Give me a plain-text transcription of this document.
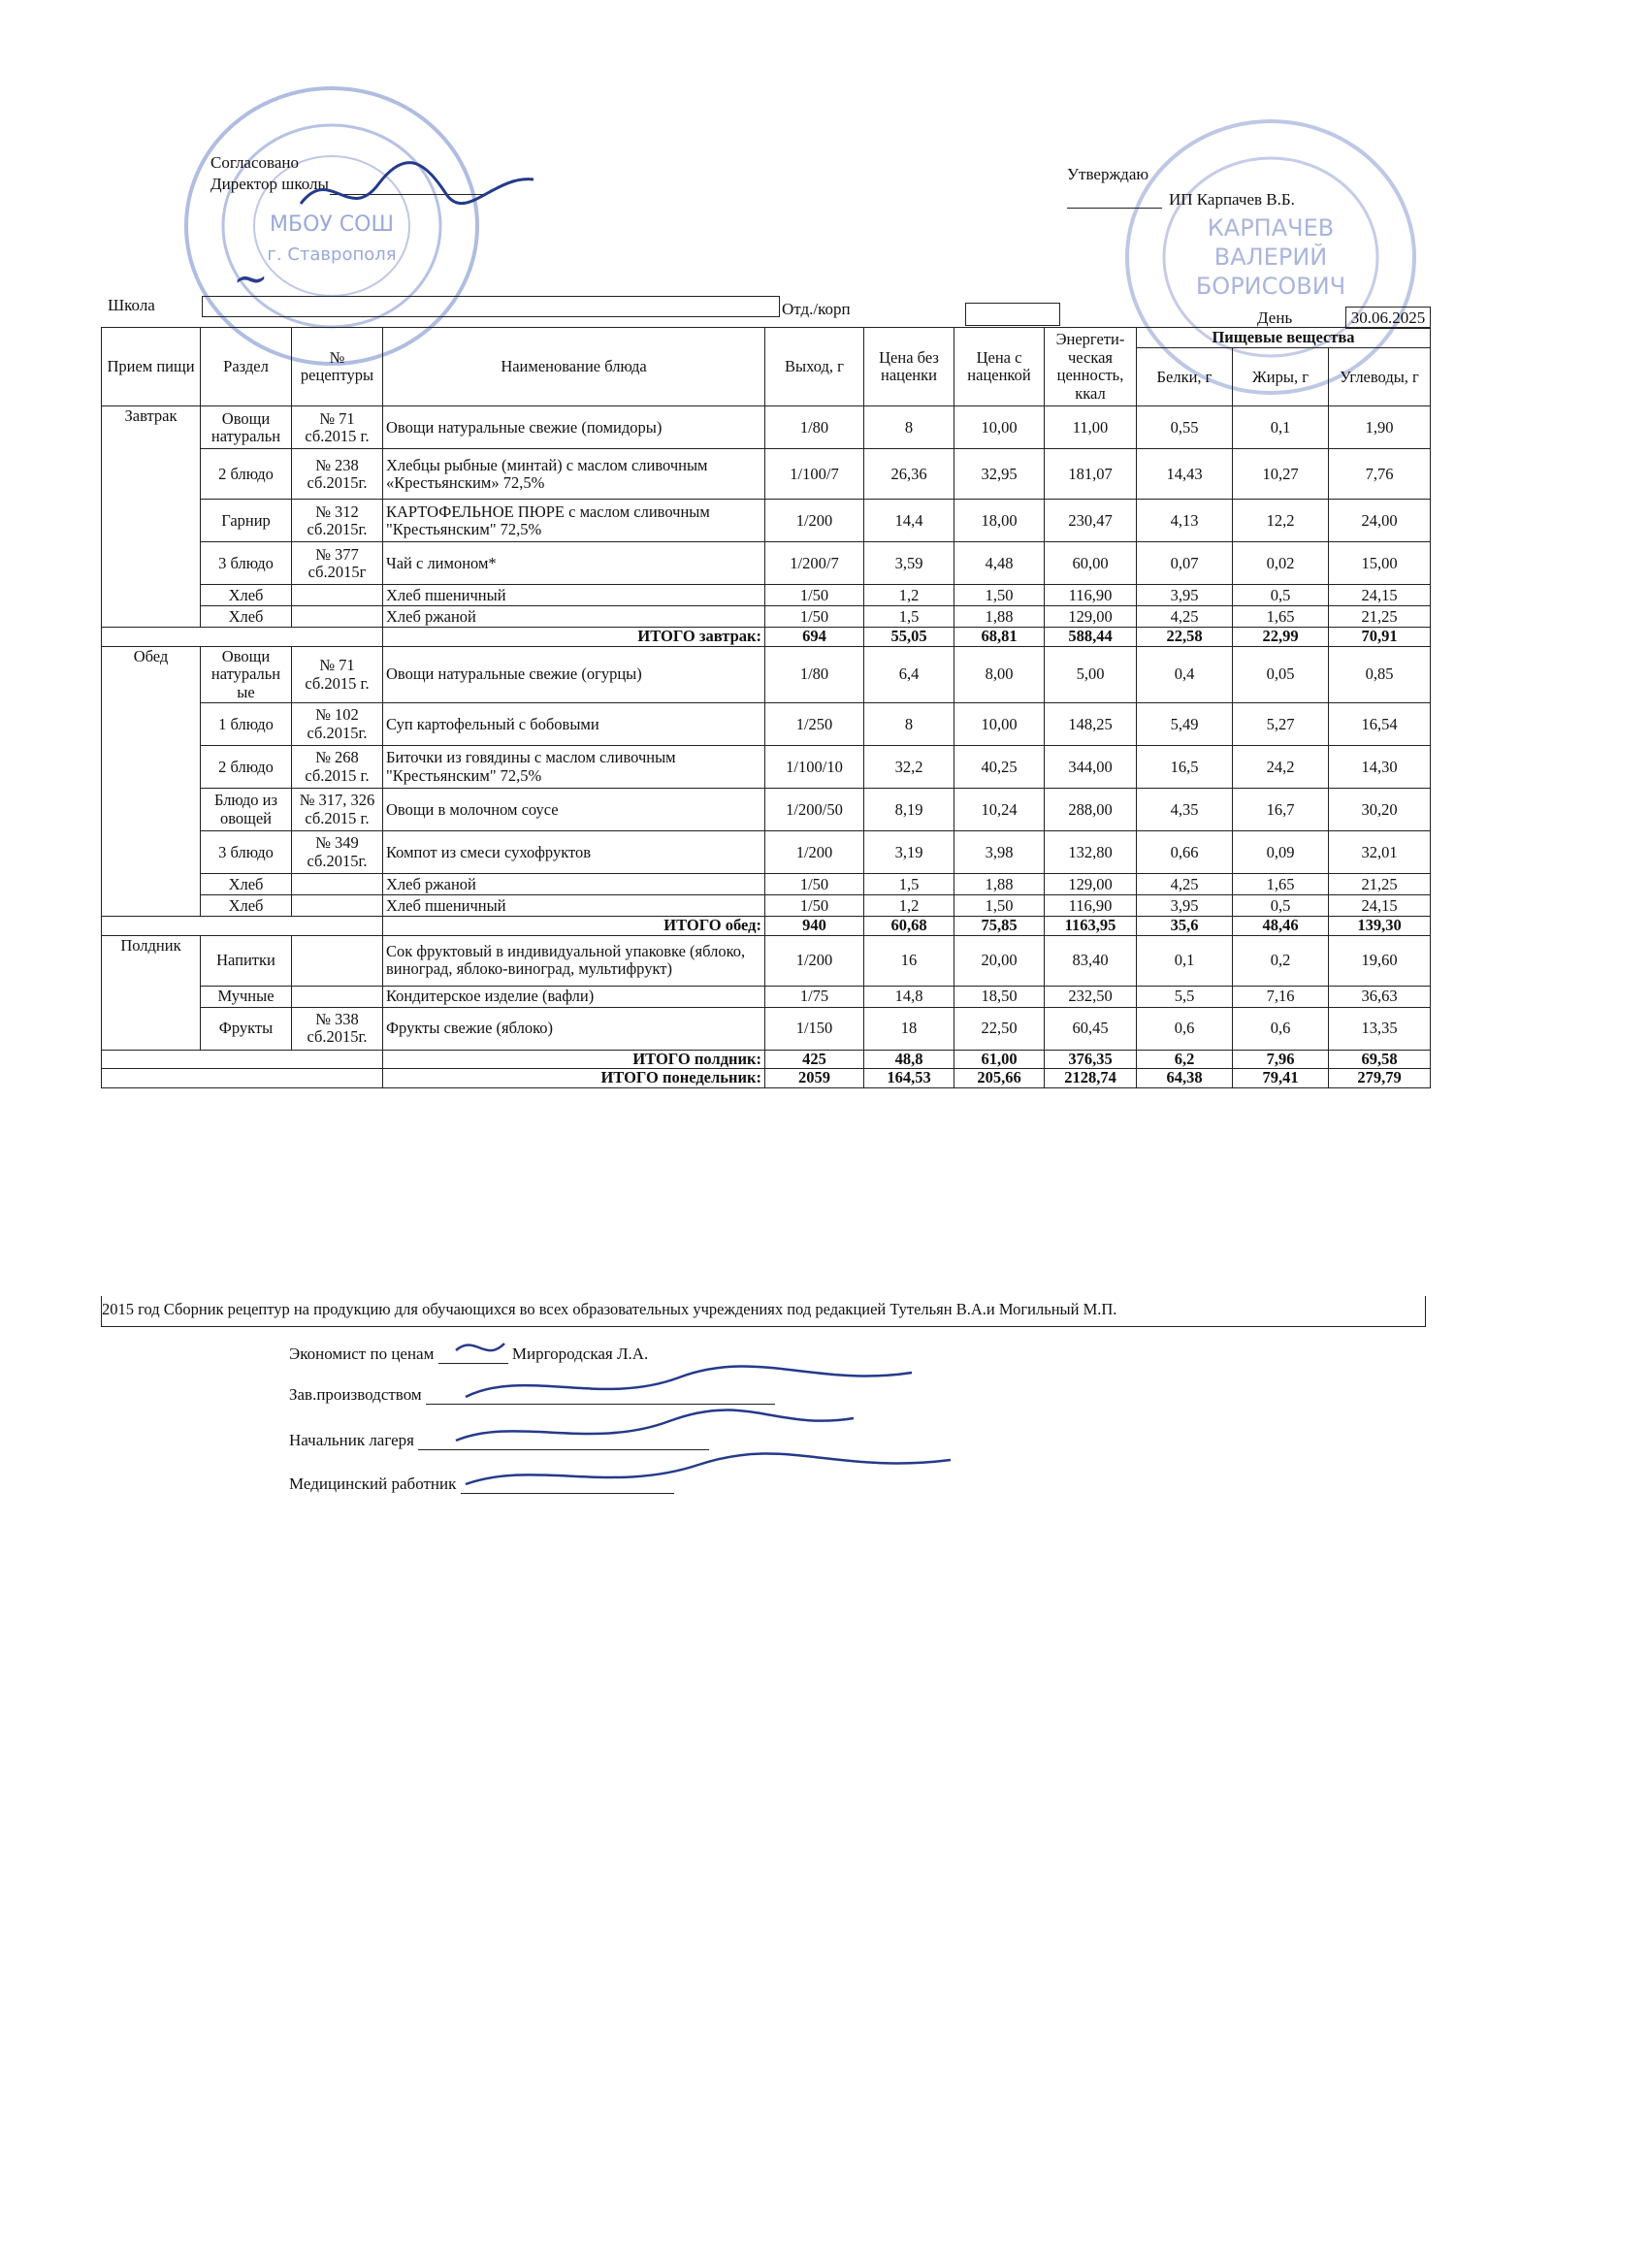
МБОУ СОШ
г. Ставрополя
КАРПАЧЕВ
ВАЛЕРИЙ
БОРИСОВИЧ
Согласовано
Директор школы
Утверждаю
ИП Карпачев В.Б.
Школа
~
Отд./корп	День	30.06.2025
Прием пищи	Раздел	№ рецептуры	Наименование блюда	Выход, г	Цена без наценки	Цена с наценкой	Энергети-ческая ценность, ккал	Пищевые вещества		
								Белки, г	Жиры, г	Углеводы, г
Завтрак	Овощи натуральн	№ 71 сб.2015 г.	Овощи натуральные свежие (помидоры)	1/80	8	10,00	11,00	0,55	0,1	1,90
	2 блюдо	№ 238 сб.2015г.	Хлебцы рыбные (минтай) с маслом сливочным «Крестьянским» 72,5%	1/100/7	26,36	32,95	181,07	14,43	10,27	7,76
	Гарнир	№ 312 сб.2015г.	КАРТОФЕЛЬНОЕ ПЮРЕ с маслом сливочным "Крестьянским" 72,5%	1/200	14,4	18,00	230,47	4,13	12,2	24,00
	3 блюдо	№ 377 сб.2015г	Чай с лимоном*	1/200/7	3,59	4,48	60,00	0,07	0,02	15,00
	Хлеб		Хлеб пшеничный	1/50	1,2	1,50	116,90	3,95	0,5	24,15
	Хлеб		Хлеб ржаной	1/50	1,5	1,88	129,00	4,25	1,65	21,25
			ИТОГО завтрак:	694	55,05	68,81	588,44	22,58	22,99	70,91
Обед	Овощи натуральн ые	№ 71 сб.2015 г.	Овощи натуральные свежие (огурцы)	1/80	6,4	8,00	5,00	0,4	0,05	0,85
	1 блюдо	№ 102 сб.2015г.	Суп картофельный с бобовыми	1/250	8	10,00	148,25	5,49	5,27	16,54
	2 блюдо	№ 268 сб.2015 г.	Биточки из говядины с маслом сливочным "Крестьянским" 72,5%	1/100/10	32,2	40,25	344,00	16,5	24,2	14,30
	Блюдо из овощей	№ 317, 326 сб.2015 г.	Овощи в молочном соусе	1/200/50	8,19	10,24	288,00	4,35	16,7	30,20
	3 блюдо	№ 349 сб.2015г.	Компот из смеси сухофруктов	1/200	3,19	3,98	132,80	0,66	0,09	32,01
	Хлеб		Хлеб ржаной	1/50	1,5	1,88	129,00	4,25	1,65	21,25
	Хлеб		Хлеб пшеничный	1/50	1,2	1,50	116,90	3,95	0,5	24,15
			ИТОГО обед:	940	60,68	75,85	1163,95	35,6	48,46	139,30
Полдник	Напитки		Сок фруктовый в индивидуальной упаковке (яблоко, виноград, яблоко-виноград, мультифрукт)	1/200	16	20,00	83,40	0,1	0,2	19,60
	Мучные		Кондитерское изделие (вафли)	1/75	14,8	18,50	232,50	5,5	7,16	36,63
	Фрукты	№ 338 сб.2015г.	Фрукты свежие (яблоко)	1/150	18	22,50	60,45	0,6	0,6	13,35
			ИТОГО полдник:	425	48,8	61,00	376,35	6,2	7,96	69,58
			ИТОГО понедельник:	2059	164,53	205,66	2128,74	64,38	79,41	279,79
2015 год Сборник рецептур на продукцию для обучающихся во всех образовательных учреждениях под редакцией Тутельян В.А.и Могильный М.П.
Экономист по ценам	Миргородская Л.А.
Зав.производством
Начальник лагеря
Медицинский работник
